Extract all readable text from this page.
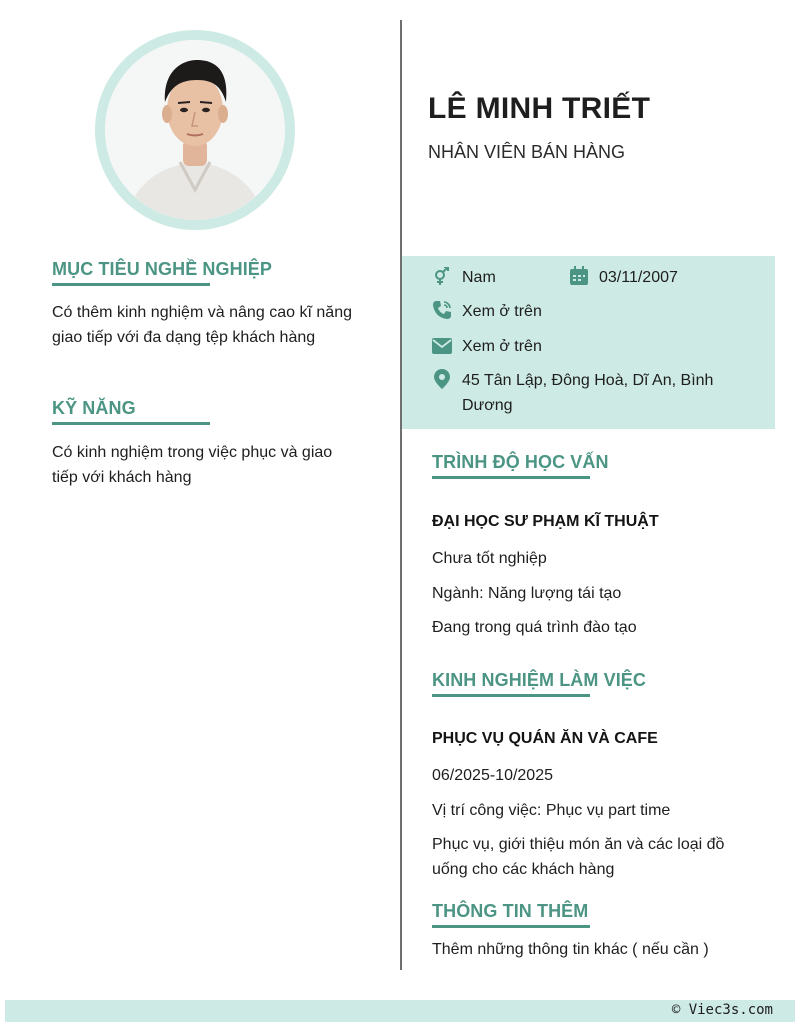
MỤC TIÊU NGHỀ NGHIỆP
Có thêm kinh nghiệm và nâng cao kĩ năng giao tiếp với đa dạng tệp khách hàng
KỸ NĂNG
Có kinh nghiệm trong việc phục và giao tiếp với khách hàng
LÊ MINH TRIẾT
NHÂN VIÊN BÁN HÀNG
Nam	03/11/2007
Xem ở trên
Xem ở trên
45 Tân Lập, Đông Hoà, Dĩ An, Bình Dương
TRÌNH ĐỘ HỌC VẤN
ĐẠI HỌC SƯ PHẠM KĨ THUẬT
Chưa tốt nghiệp
Ngành: Năng lượng tái tạo
Đang trong quá trình đào tạo
KINH NGHIỆM LÀM VIỆC
PHỤC VỤ QUÁN ĂN VÀ CAFE
06/2025-10/2025
Vị trí công việc: Phục vụ part time
Phục vụ, giới thiệu món ăn và các loại đồ uống cho các khách hàng
THÔNG TIN THÊM
Thêm những thông tin khác ( nếu cần )
© Viec3s.com
